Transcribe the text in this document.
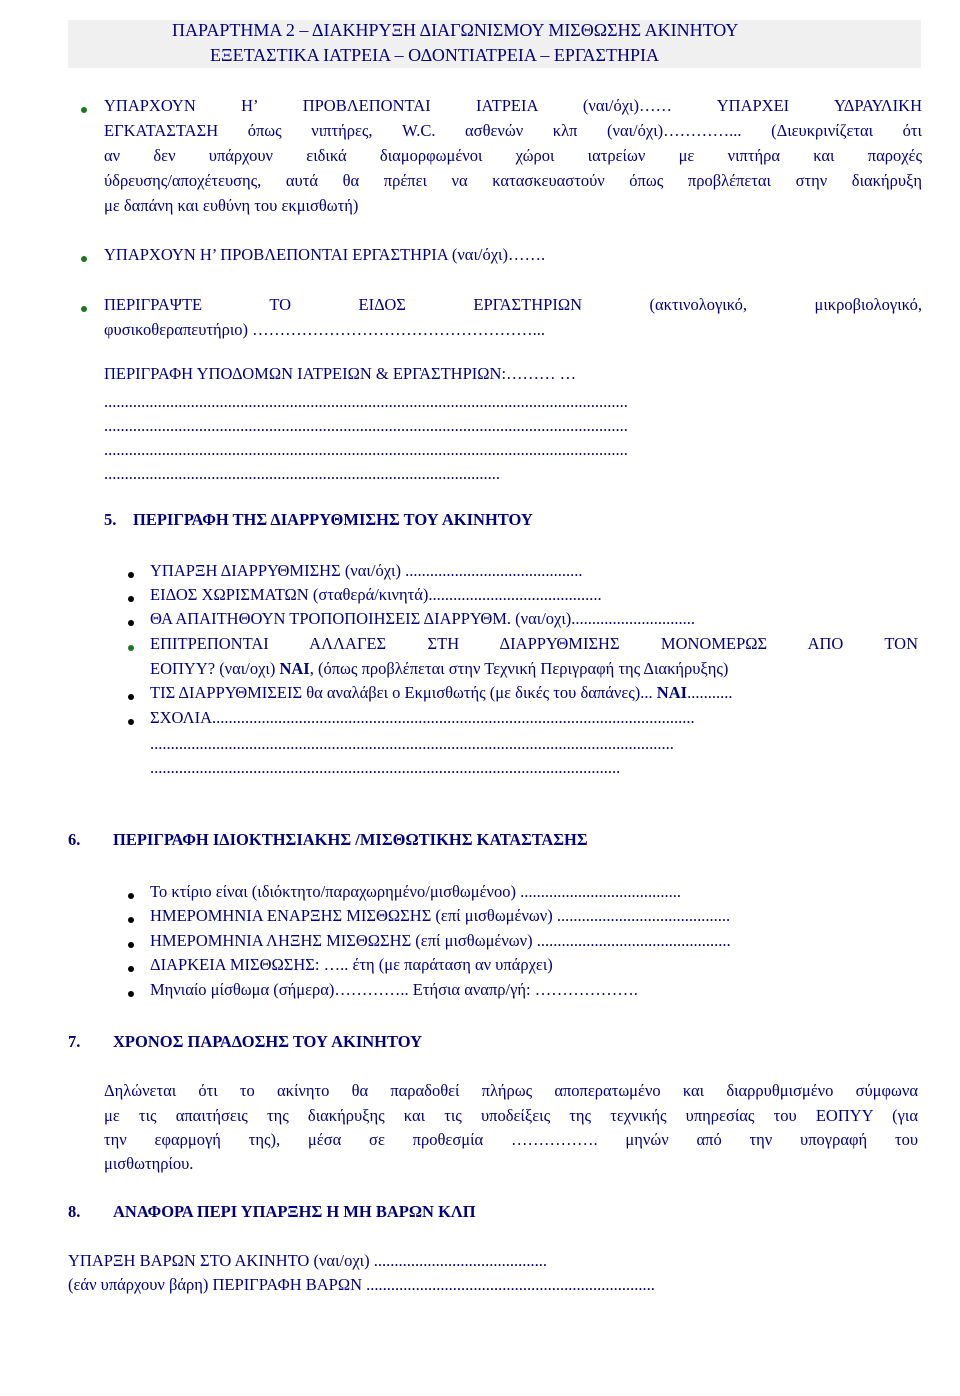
ΠΑΡΑΡΤΗΜΑ 2 – ΔΙΑΚΗΡΥΞΗ ΔΙΑΓΩΝΙΣΜΟΥ ΜΙΣΘΩΣΗΣ ΑΚΙΝΗΤΟΥ
ΕΞΕΤΑΣΤΙΚΑ ΙΑΤΡΕΙΑ – ΟΔΟΝΤΙΑΤΡΕΙΑ – ΕΡΓΑΣΤΗΡΙΑ
ΥΠΑΡΧΟΥΝ Η’ ΠΡΟΒΛΕΠΟΝΤΑΙ ΙΑΤΡΕΙΑ (ναι/όχι)…… ΥΠΑΡΧΕΙ ΥΔΡΑΥΛΙΚΗ
ΕΓΚΑΤΑΣΤΑΣΗ όπως νιπτήρες, W.C. ασθενών κλπ (ναι/όχι)…………... (Διευκρινίζεται ότι
αν δεν υπάρχουν ειδικά διαμορφωμένοι χώροι ιατρείων με νιπτήρα και παροχές
ύδρευσης/αποχέτευσης, αυτά θα πρέπει να κατασκευαστούν όπως προβλέπεται στην διακήρυξη
με δαπάνη και ευθύνη του εκμισθωτή)
ΥΠΑΡΧΟΥΝ Η’ ΠΡΟΒΛΕΠΟΝΤΑΙ ΕΡΓΑΣΤΗΡΙΑ (ναι/όχι)…….
ΠΕΡΙΓΡΑΨΤΕ ΤΟ ΕΙΔΟΣ ΕΡΓΑΣΤΗΡΙΩΝ (ακτινολογικό, μικροβιολογικό,
φυσικοθεραπευτήριο) ……………………………………………...
ΠΕΡΙΓΡΑΦΗ ΥΠΟΔΟΜΩΝ ΙΑΤΡΕΙΩΝ & ΕΡΓΑΣΤΗΡΙΩΝ:……… …
...............................................................................................................................
...............................................................................................................................
...............................................................................................................................
................................................................................................
5. ΠΕΡΙΓΡΑΦΗ ΤΗΣ ΔΙΑΡΡΥΘΜΙΣΗΣ ΤΟΥ ΑΚΙΝΗΤΟΥ
ΥΠΑΡΞΗ ΔΙΑΡΡΥΘΜΙΣΗΣ (ναι/όχι) ...........................................
ΕΙΔΟΣ ΧΩΡΙΣΜΑΤΩΝ (σταθερά/κινητά)..........................................
ΘΑ ΑΠΑΙΤΗΘΟΥΝ ΤΡΟΠΟΠΟΙΗΣΕΙΣ ΔΙΑΡΡΥΘΜ. (ναι/οχι)..............................
ΕΠΙΤΡΕΠΟΝΤΑΙ ΑΛΛΑΓΕΣ ΣΤΗ ΔΙΑΡΡΥΘΜΙΣΗΣ ΜΟΝΟΜΕΡΩΣ ΑΠΟ ΤΟΝ
ΕΟΠΥΥ? (ναι/οχι) ΝΑΙ, (όπως προβλέπεται στην Τεχνική Περιγραφή της Διακήρυξης)
ΤΙΣ ΔΙΑΡΡΥΘΜΙΣΕΙΣ θα αναλάβει ο Εκμισθωτής (με δικές του δαπάνες)... ΝΑΙ...........
ΣΧΟΛΙΑ.....................................................................................................................
...............................................................................................................................
..................................................................................................................
6. ΠΕΡΙΓΡΑΦΗ ΙΔΙΟΚΤΗΣΙΑΚΗΣ /ΜΙΣΘΩΤΙΚΗΣ ΚΑΤΑΣΤΑΣΗΣ
Το κτίριο είναι (ιδιόκτητο/παραχωρημένο/μισθωμένοο) .......................................
ΗΜΕΡΟΜΗΝΙΑ ΕΝΑΡΞΗΣ ΜΙΣΘΩΣΗΣ (επί μισθωμένων) ..........................................
ΗΜΕΡΟΜΗΝΙΑ ΛΗΞΗΣ ΜΙΣΘΩΣΗΣ (επί μισθωμένων) ...............................................
ΔΙΑΡΚΕΙΑ ΜΙΣΘΩΣΗΣ: ….. έτη (με παράταση αν υπάρχει)
Μηνιαίο μίσθωμα (σήμερα)………….. Ετήσια αναπρ/γή: ……………….
7. ΧΡΟΝΟΣ ΠΑΡΑΔΟΣΗΣ ΤΟΥ ΑΚΙΝΗΤΟΥ
Δηλώνεται ότι το ακίνητο θα παραδοθεί πλήρως αποπερατωμένο και διαρρυθμισμένο σύμφωνα
με τις απαιτήσεις της διακήρυξης και τις υποδείξεις της τεχνικής υπηρεσίας του ΕΟΠΥΥ (για
την εφαρμογή της), μέσα σε προθεσμία ……………. μηνών από την υπογραφή του
μισθωτηρίου.
8. ΑΝΑΦΟΡΑ ΠΕΡΙ ΥΠΑΡΞΗΣ Η ΜΗ ΒΑΡΩΝ ΚΛΠ
ΥΠΑΡΞΗ ΒΑΡΩΝ ΣΤΟ ΑΚΙΝΗΤΟ (ναι/οχι) ..........................................
(εάν υπάρχουν βάρη) ΠΕΡΙΓΡΑΦΗ ΒΑΡΩΝ ......................................................................
